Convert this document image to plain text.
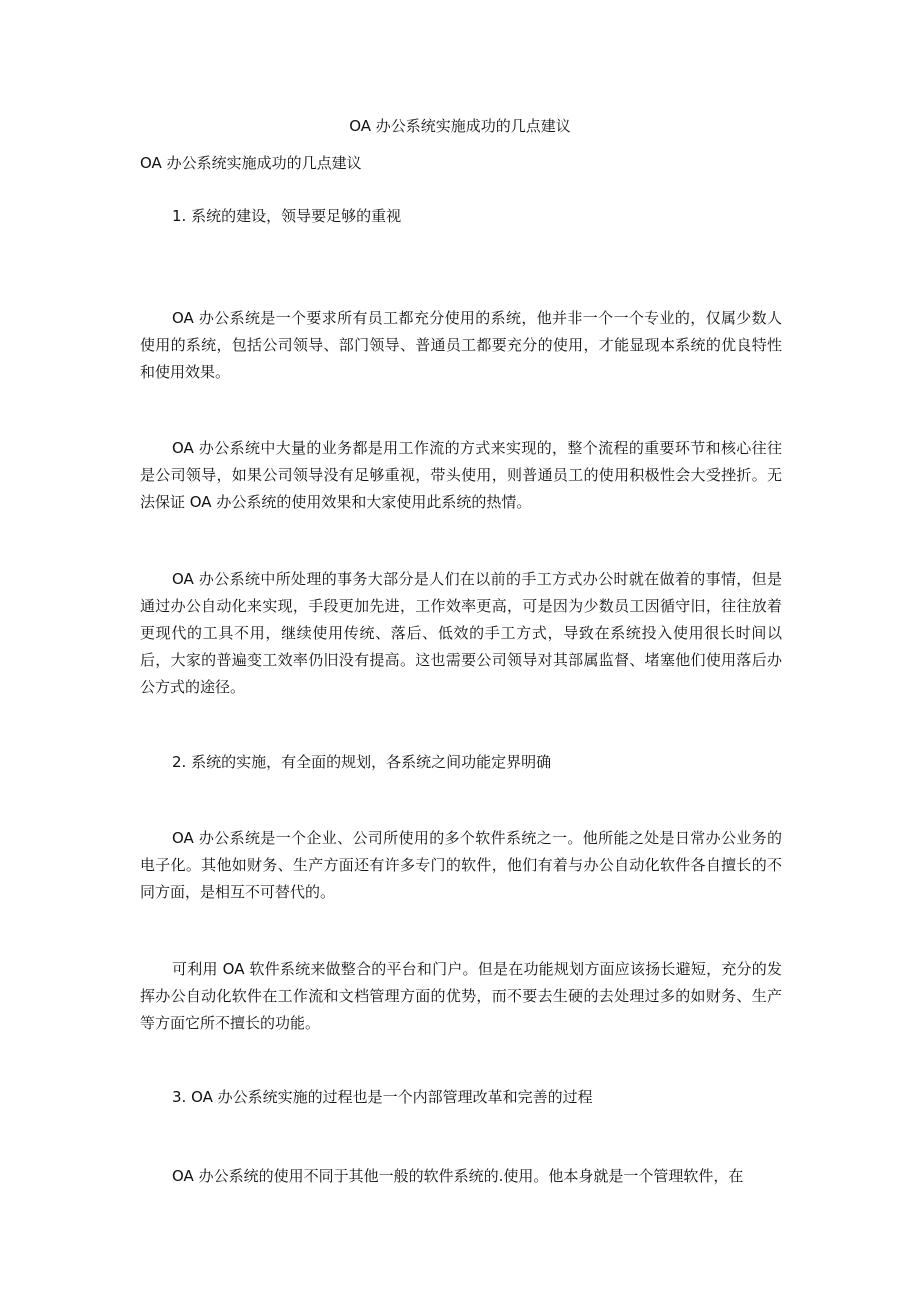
OA 办公系统实施成功的几点建议

OA 办公系统实施成功的几点建议

1. 系统的建设，领导要足够的重视

OA 办公系统是一个要求所有员工都充分使用的系统，他并非一个一个专业的，仅属少数人使用的系统，包括公司领导、部门领导、普通员工都要充分的使用，才能显现本系统的优良特性和使用效果。

OA 办公系统中大量的业务都是用工作流的方式来实现的，整个流程的重要环节和核心往往是公司领导，如果公司领导没有足够重视，带头使用，则普通员工的使用积极性会大受挫折。无法保证 OA 办公系统的使用效果和大家使用此系统的热情。

OA 办公系统中所处理的事务大部分是人们在以前的手工方式办公时就在做着的事情，但是通过办公自动化来实现，手段更加先进，工作效率更高，可是因为少数员工因循守旧，往往放着更现代的工具不用，继续使用传统、落后、低效的手工方式，导致在系统投入使用很长时间以后，大家的普遍变工效率仍旧没有提高。这也需要公司领导对其部属监督、堵塞他们使用落后办公方式的途径。

2. 系统的实施，有全面的规划，各系统之间功能定界明确

OA 办公系统是一个企业、公司所使用的多个软件系统之一。他所能之处是日常办公业务的电子化。其他如财务、生产方面还有许多专门的软件，他们有着与办公自动化软件各自擅长的不同方面，是相互不可替代的。

可利用 OA 软件系统来做整合的平台和门户。但是在功能规划方面应该扬长避短，充分的发挥办公自动化软件在工作流和文档管理方面的优势，而不要去生硬的去处理过多的如财务、生产等方面它所不擅长的功能。

3. OA 办公系统实施的过程也是一个内部管理改革和完善的过程

OA 办公系统的使用不同于其他一般的软件系统的.使用。他本身就是一个管理软件，在
